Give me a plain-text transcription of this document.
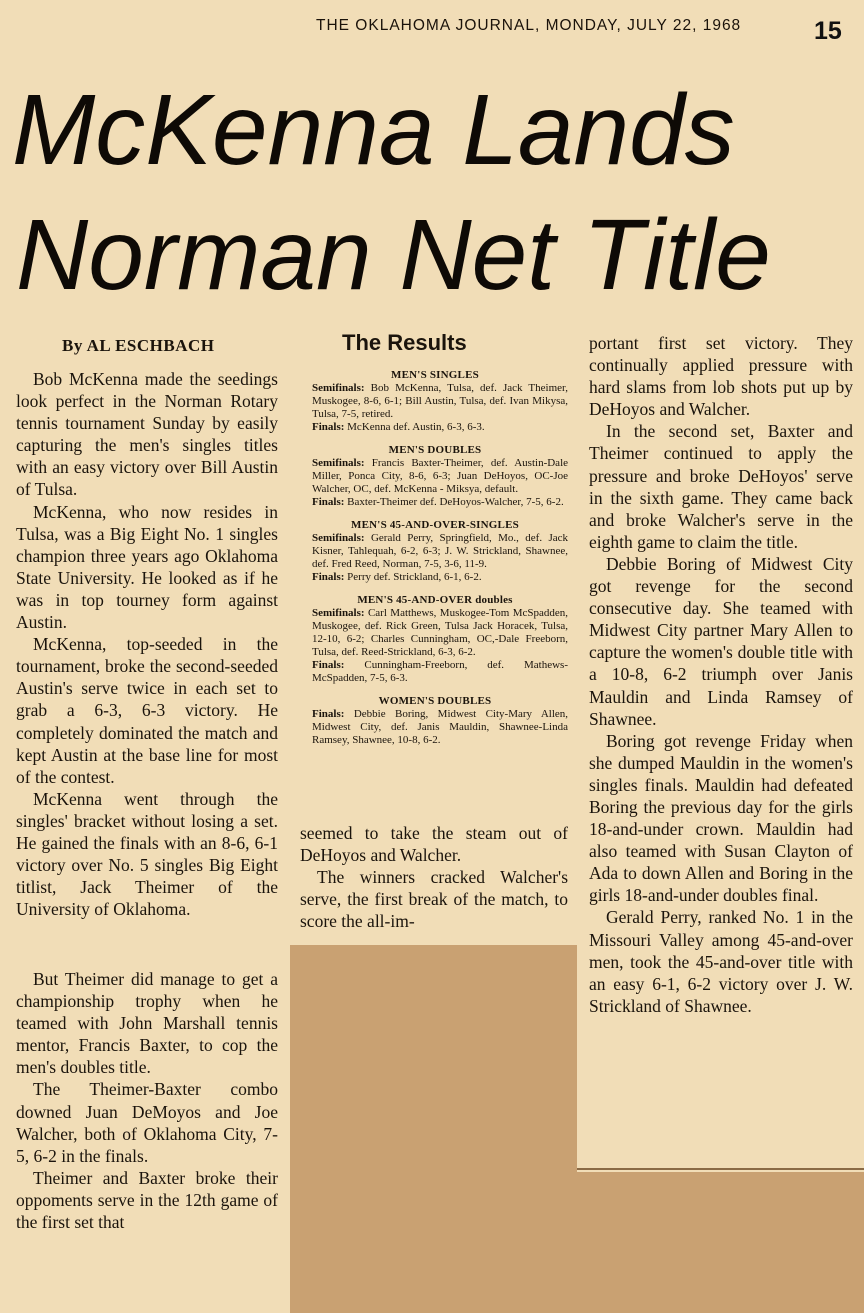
THE OKLAHOMA JOURNAL, MONDAY, JULY 22, 1968	15
McKenna Lands
Norman Net Title
By AL ESCHBACH

Bob McKenna made the seedings look perfect in the Norman Rotary tennis tournament Sunday by easily capturing the men's singles titles with an easy victory over Bill Austin of Tulsa.

McKenna, who now resides in Tulsa, was a Big Eight No. 1 singles champion three years ago Oklahoma State University. He looked as if he was in top tourney form against Austin.

McKenna, top-seeded in the tournament, broke the second-seeded Austin's serve twice in each set to grab a 6-3, 6-3 victory. He completely dominated the match and kept Austin at the base line for most of the contest.

McKenna went through the singles' bracket without losing a set. He gained the finals with an 8-6, 6-1 victory over No. 5 singles Big Eight titlist, Jack Theimer of the University of Oklahoma.

But Theimer did manage to get a championship trophy when he teamed with John Marshall tennis mentor, Francis Baxter, to cop the men's doubles title.

The Theimer-Baxter combo downed Juan DeMoyos and Joe Walcher, both of Oklahoma City, 7-5, 6-2 in the finals.

Theimer and Baxter broke their oppoments serve in the 12th game of the first set that

The Results
MEN'S SINGLES
Semifinals: Bob McKenna, Tulsa, def. Jack Theimer, Muskogee, 8-6, 6-1; Bill Austin, Tulsa, def. Ivan Mikysa, Tulsa, 7-5, retired.
Finals: McKenna def. Austin, 6-3, 6-3.
MEN'S DOUBLES
Semifinals: Francis Baxter-Theimer, def. Austin-Dale Miller, Ponca City, 8-6, 6-3; Juan DeHoyos, OC-Joe Walcher, OC, def. McKenna - Miksya, default.
Finals: Baxter-Theimer def. DeHoyos-Walcher, 7-5, 6-2.
MEN'S 45-AND-OVER-SINGLES
Semifinals: Gerald Perry, Springfield, Mo., def. Jack Kisner, Tahlequah, 6-2, 6-3; J. W. Strickland, Shawnee, def. Fred Reed, Norman, 7-5, 3-6, 11-9.
Finals: Perry def. Strickland, 6-1, 6-2.
MEN'S 45-AND-OVER doubles
Semifinals: Carl Matthews, Muskogee-Tom McSpadden, Muskogee, def. Rick Green, Tulsa Jack Horacek, Tulsa, 12-10, 6-2; Charles Cunningham, OC,-Dale Freeborn, Tulsa, def. Reed-Strickland, 6-3, 6-2.
Finals: Cunningham-Freeborn, def. Mathews-McSpadden, 7-5, 6-3.
WOMEN'S DOUBLES
Finals: Debbie Boring, Midwest City-Mary Allen, Midwest City, def. Janis Mauldin, Shawnee-Linda Ramsey, Shawnee, 10-8, 6-2.

seemed to take the steam out of DeHoyos and Walcher.

The winners cracked Walcher's serve, the first break of the match, to score the all-im-

portant first set victory. They continually applied pressure with hard slams from lob shots put up by DeHoyos and Walcher.

In the second set, Baxter and Theimer continued to apply the pressure and broke DeHoyos' serve in the sixth game. They came back and broke Walcher's serve in the eighth game to claim the title.

Debbie Boring of Midwest City got revenge for the second consecutive day. She teamed with Midwest City partner Mary Allen to capture the women's double title with a 10-8, 6-2 triumph over Janis Mauldin and Linda Ramsey of Shawnee.

Boring got revenge Friday when she dumped Mauldin in the women's singles finals. Mauldin had defeated Boring the previous day for the girls 18-and-under crown. Mauldin had also teamed with Susan Clayton of Ada to down Allen and Boring in the girls 18-and-under doubles final.

Gerald Perry, ranked No. 1 in the Missouri Valley among 45-and-over men, took the 45-and-over title with an easy 6-1, 6-2 victory over J. W. Strickland of Shawnee.
